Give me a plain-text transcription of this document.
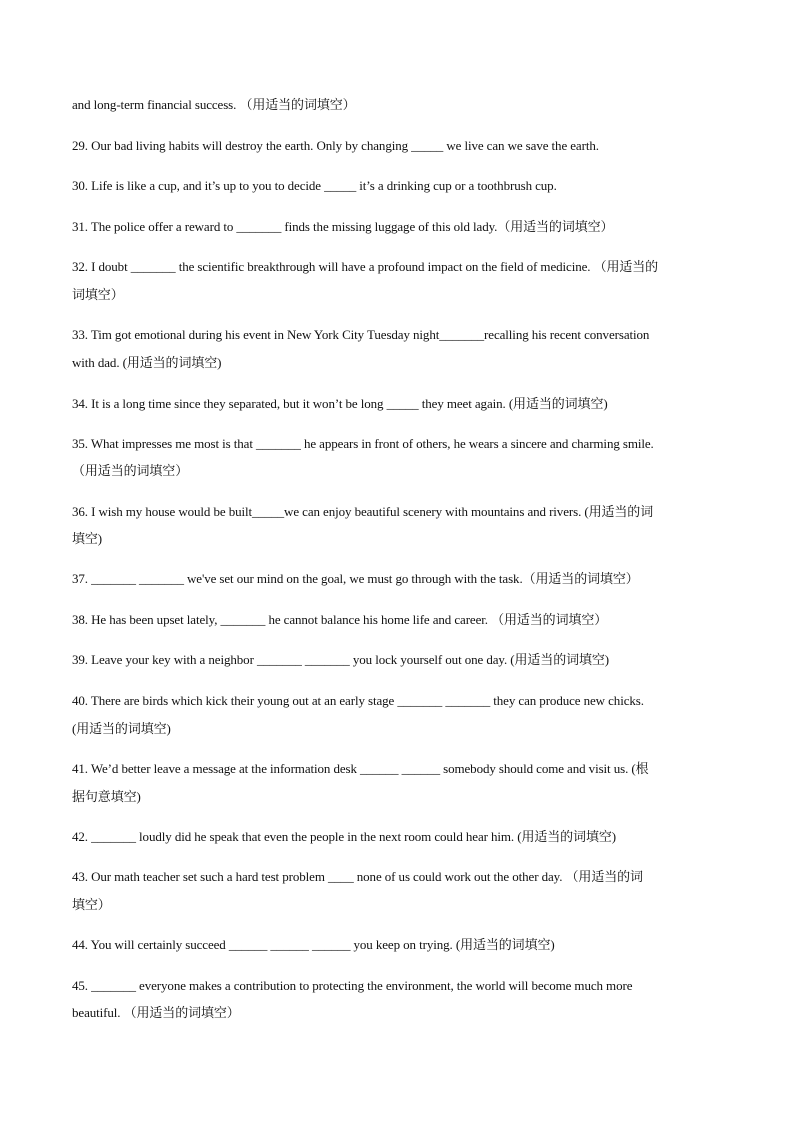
and long-term financial success. （用适当的词填空）
29. Our bad living habits will destroy the earth. Only by changing _____ we live can we save the earth.
30. Life is like a cup, and it’s up to you to decide _____ it’s a drinking cup or a toothbrush cup.
31. The police offer a reward to _______ finds the missing luggage of this old lady.（用适当的词填空）
32. I doubt _______ the scientific breakthrough will have a profound impact on the field of medicine. （用适当的
词填空）
33. Tim got emotional during his event in New York City Tuesday night_______recalling his recent conversation
with dad. (用适当的词填空)
34. It is a long time since they separated, but it won’t be long _____ they meet again. (用适当的词填空)
35. What impresses me most is that _______ he appears in front of others, he wears a sincere and charming smile.
（用适当的词填空）
36. I wish my house would be built_____we can enjoy beautiful scenery with mountains and rivers. (用适当的词
填空)
37. _______ _______ we've set our mind on the goal, we must go through with the task.（用适当的词填空）
38. He has been upset lately, _______ he cannot balance his home life and career. （用适当的词填空）
39. Leave your key with a neighbor _______ _______ you lock yourself out one day. (用适当的词填空)
40. There are birds which kick their young out at an early stage _______ _______ they can produce new chicks.
(用适当的词填空)
41. We’d better leave a message at the information desk ______ ______ somebody should come and visit us. (根
据句意填空)
42. _______ loudly did he speak that even the people in the next room could hear him. (用适当的词填空)
43. Our math teacher set such a hard test problem ____ none of us could work out the other day. （用适当的词
填空）
44. You will certainly succeed ______ ______ ______ you keep on trying. (用适当的词填空)
45. _______ everyone makes a contribution to protecting the environment, the world will become much more
beautiful. （用适当的词填空）
